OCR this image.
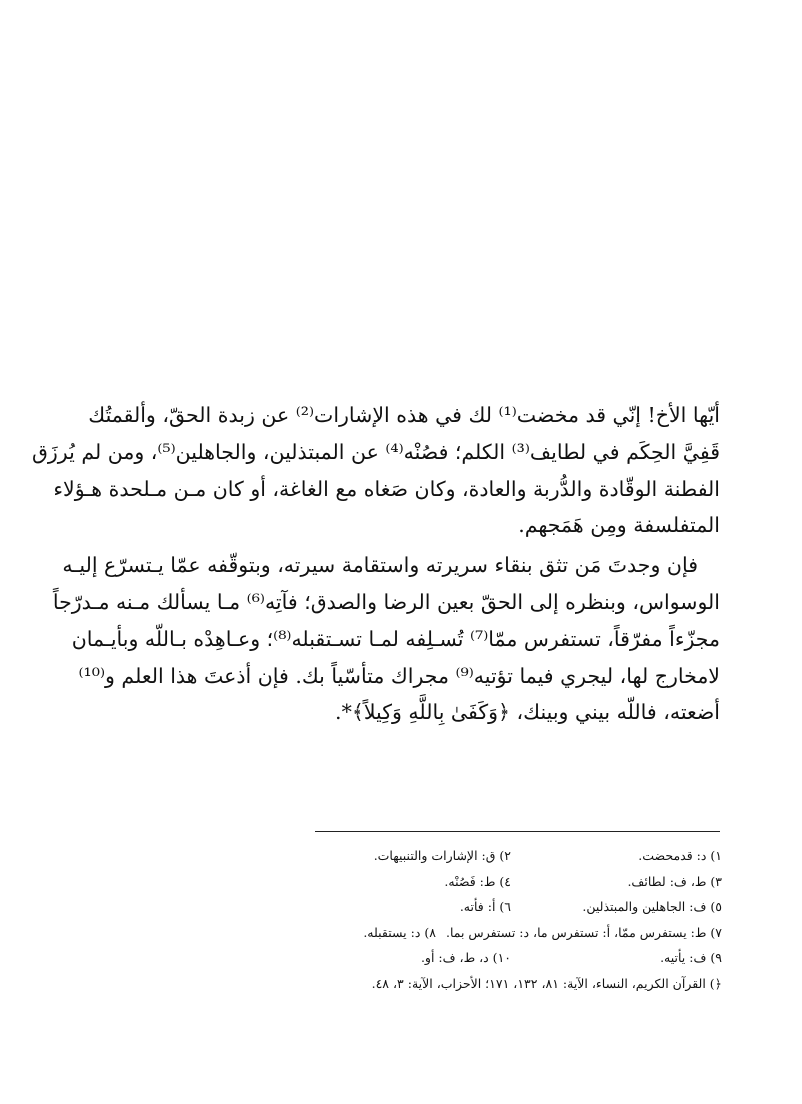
أيّها الأخ! إنّي قد مخضت⁽¹⁾ لك في هذه الإشارات⁽²⁾ عن زبدة الحقّ، وألقمتُك
قَفِيَّ الحِكَم في لطايف⁽³⁾ الكلم؛ فصُنْه⁽⁴⁾ عن المبتذلين، والجاهلين⁽⁵⁾، ومن لم يُرزَق
الفطنة الوقّادة والدُّربة والعادة، وكان صَغاه مع الغاغة، أو كان مـن مـلحدة هـؤلاء
المتفلسفة ومِن هَمَجهم.

فإن وجدتَ مَن تثق بنقاء سريرته واستقامة سيرته، وبتوقّفه عمّا يـتسرّع إليـه
الوسواس، وبنظره إلى الحقّ بعين الرضا والصدق؛ فآتِه⁽⁶⁾ مـا يسألك مـنه مـدرّجاً
مجزّءاً مفرّقاً، تستفرس ممّا⁽⁷⁾ تُسـلِفه لمـا تسـتقبله⁽⁸⁾؛ وعـاهِدْه بـاللّه وبأيـمان
لامخارج لها، ليجري فيما تؤتيه⁽⁹⁾ مجراك متأسّياً بك. فإن أذعتَ هذا العلم و⁽¹⁰⁾
أضعته، فاللّه بيني وبينك، ﴿وَكَفَىٰ بِاللَّهِ وَكِيلاً﴾*.

١) د: قدمحضت.
٢) ق: الإشارات والتنبيهات.
٣) ط، ف: لطائف.
٤) ط: فَصُنْه.
٥) ف: الجاهلين والمبتذلين.
٦) أ: فأته.
٧) ط: يستفرس ممّا، أ: تستفرس ما، د: تستفرس بما.
٨) د: يستقبله.
٩) ف: يأتيه.
١٠) د، ط، ف: أو.
﴿) القرآن الكريم، النساء، الآية: ٨١، ١٣٢، ١٧١؛ الأحزاب، الآية: ٣، ٤٨.
